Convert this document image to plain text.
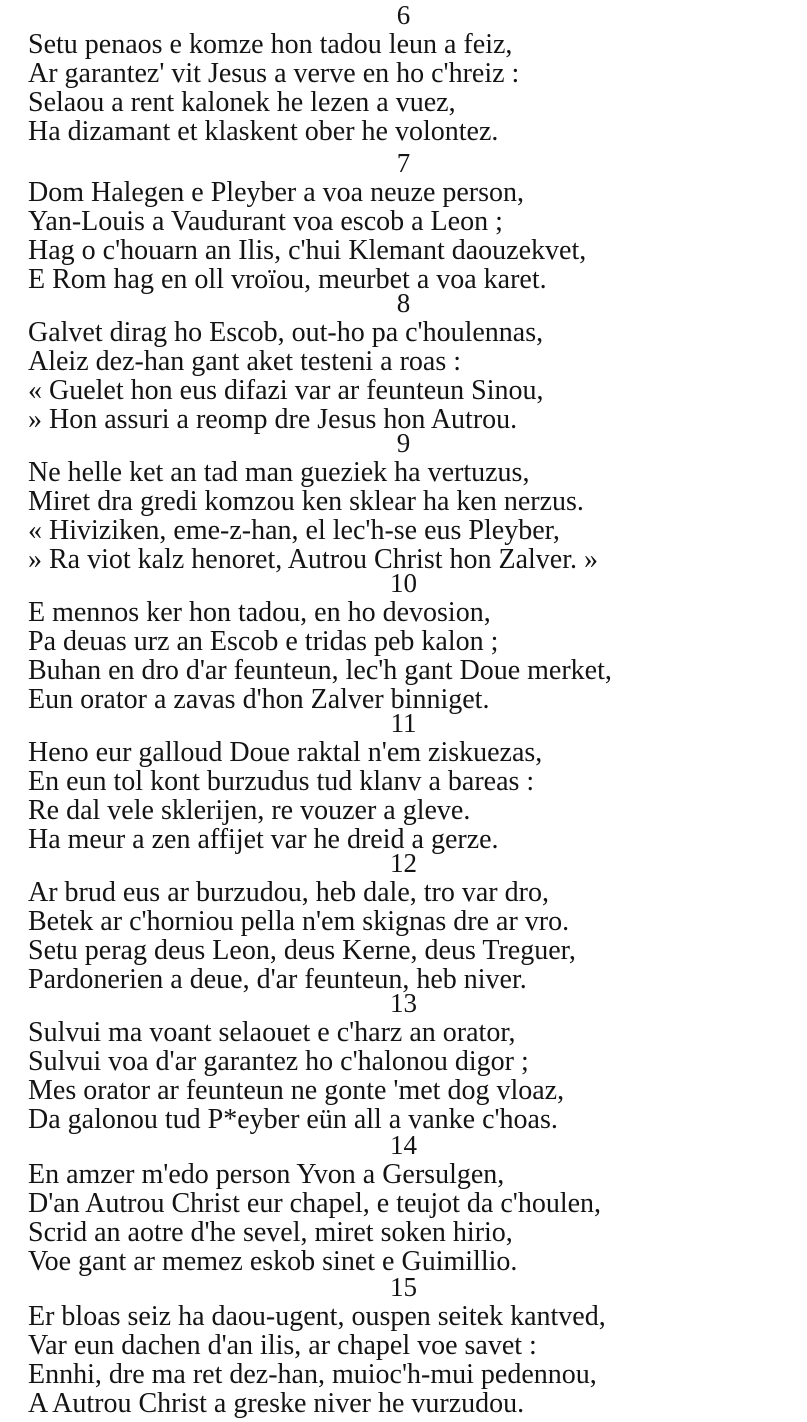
6
Setu penaos e komze hon tadou leun a feiz,
Ar garantez' vit Jesus a verve en ho c'hreiz :
Selaou a rent kalonek he lezen a vuez,
Ha dizamant et klaskent ober he volontez.
7
Dom Halegen e Pleyber a voa neuze person,
Yan-Louis a Vaudurant voa escob a Leon ;
Hag o c'houarn an Ilis, c'hui Klemant daouzekvet,
E Rom hag en oll vroïou, meurbet a voa karet.
8
Galvet dirag ho Escob, out-ho pa c'houlennas,
Aleiz dez-han gant aket testeni a roas :
« Guelet hon eus difazi var ar feunteun Sinou,
» Hon assuri a reomp dre Jesus hon Autrou.
9
Ne helle ket an tad man gueziek ha vertuzus,
Miret dra gredi komzou ken sklear ha ken nerzus.
« Hiviziken, eme-z-han, el lec'h-se eus Pleyber,
» Ra viot kalz henoret, Autrou Christ hon Zalver. »
10
E mennos ker hon tadou, en ho devosion,
Pa deuas urz an Escob e tridas peb kalon ;
Buhan en dro d'ar feunteun, lec'h gant Doue merket,
Eun orator a zavas d'hon Zalver binniget.
11
Heno eur galloud Doue raktal n'em ziskuezas,
En eun tol kont burzudus tud klanv a bareas :
Re dal vele sklerijen, re vouzer a gleve.
Ha meur a zen affijet var he dreid a gerze.
12
Ar brud eus ar burzudou, heb dale, tro var dro,
Betek ar c'horniou pella n'em skignas dre ar vro.
Setu perag deus Leon, deus Kerne, deus Treguer,
Pardonerien a deue, d'ar feunteun, heb niver.
13
Sulvui ma voant selaouet e c'harz an orator,
Sulvui voa d'ar garantez ho c'halonou digor ;
Mes orator ar feunteun ne gonte 'met dog vloaz,
Da galonou tud P*eyber eün all a vanke c'hoas.
14
En amzer m'edo person Yvon a Gersulgen,
D'an Autrou Christ eur chapel, e teujot da c'houlen,
Scrid an aotre d'he sevel, miret soken hirio,
Voe gant ar memez eskob sinet e Guimillio.
15
Er bloas seiz ha daou-ugent, ouspen seitek kantved,
Var eun dachen d'an ilis, ar chapel voe savet :
Ennhi, dre ma ret dez-han, muioc'h-mui pedennou,
A Autrou Christ a greske niver he vurzudou.
